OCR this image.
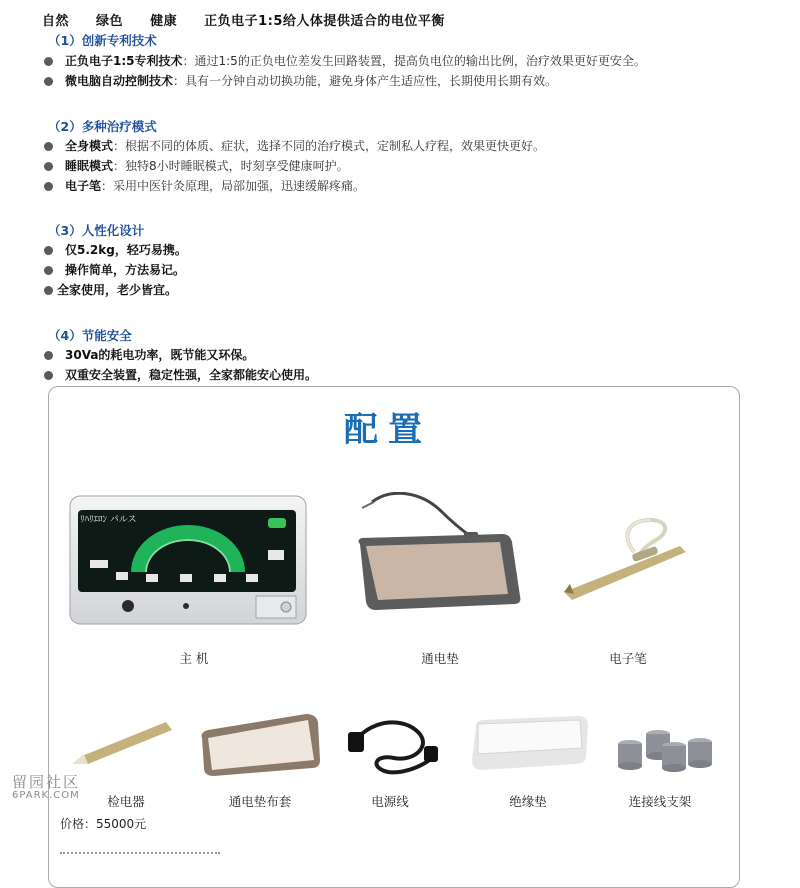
自然 绿色 健康 正负电子1:5给人体提供适合的电位平衡
（1）创新专利技术
正负电子1:5专利技术：通过1:5的正负电位差发生回路装置，提高负电位的输出比例，治疗效果更好更安全。
微电脑自动控制技术：具有一分钟自动切换功能，避免身体产生适应性，长期使用长期有效。
（2）多种治疗模式
全身模式：根据不同的体质、症状，选择不同的治疗模式，定制私人疗程，效果更快更好。
睡眠模式：独特8小时睡眠模式，时刻享受健康呵护。
电子笔：采用中医针灸原理，局部加强，迅速缓解疼痛。
（3）人性化设计
仅5.2kg，轻巧易携。
操作简单，方法易记。
全家使用，老少皆宜。
（4）节能安全
30Va的耗电功率，既节能又环保。
双重安全装置，稳定性强，全家都能安心使用。
配置
ﾘﾊﾘｴﾛﾝ パルス
主 机	通电垫	电子笔
检电器	通电垫布套	电源线	绝缘垫	连接线支架
价格：55000元
留园社区
6PARK.COM
